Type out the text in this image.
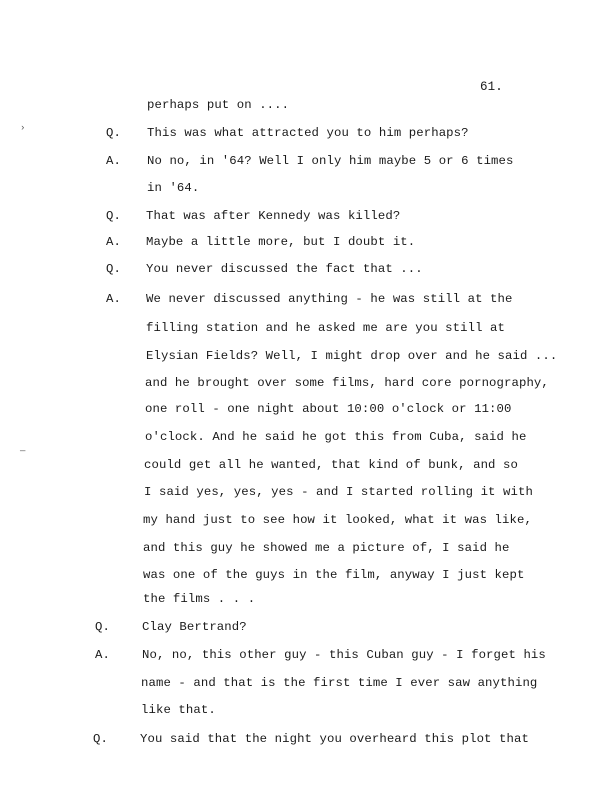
61.
›
—
perhaps put on ....
Q. This was what attracted you to him perhaps?
A. No no, in '64? Well I only him maybe 5 or 6 times
in '64.
Q. That was after Kennedy was killed?
A. Maybe a little more, but I doubt it.
Q. You never discussed the fact that ...
A. We never discussed anything - he was still at the
filling station and he asked me are you still at
Elysian Fields? Well, I might drop over and he said ...
and he brought over some films, hard core pornography,
one roll - one night about 10:00 o'clock or 11:00
o'clock. And he said he got this from Cuba, said he
could get all he wanted, that kind of bunk, and so
I said yes, yes, yes - and I started rolling it with
my hand just to see how it looked, what it was like,
and this guy he showed me a picture of, I said he
was one of the guys in the film, anyway I just kept
the films . . .
Q.	Clay Bertrand?
A.	No, no, this other guy - this Cuban guy - I forget his
name - and that is the first time I ever saw anything
like that.
Q.	You said that the night you overheard this plot that
